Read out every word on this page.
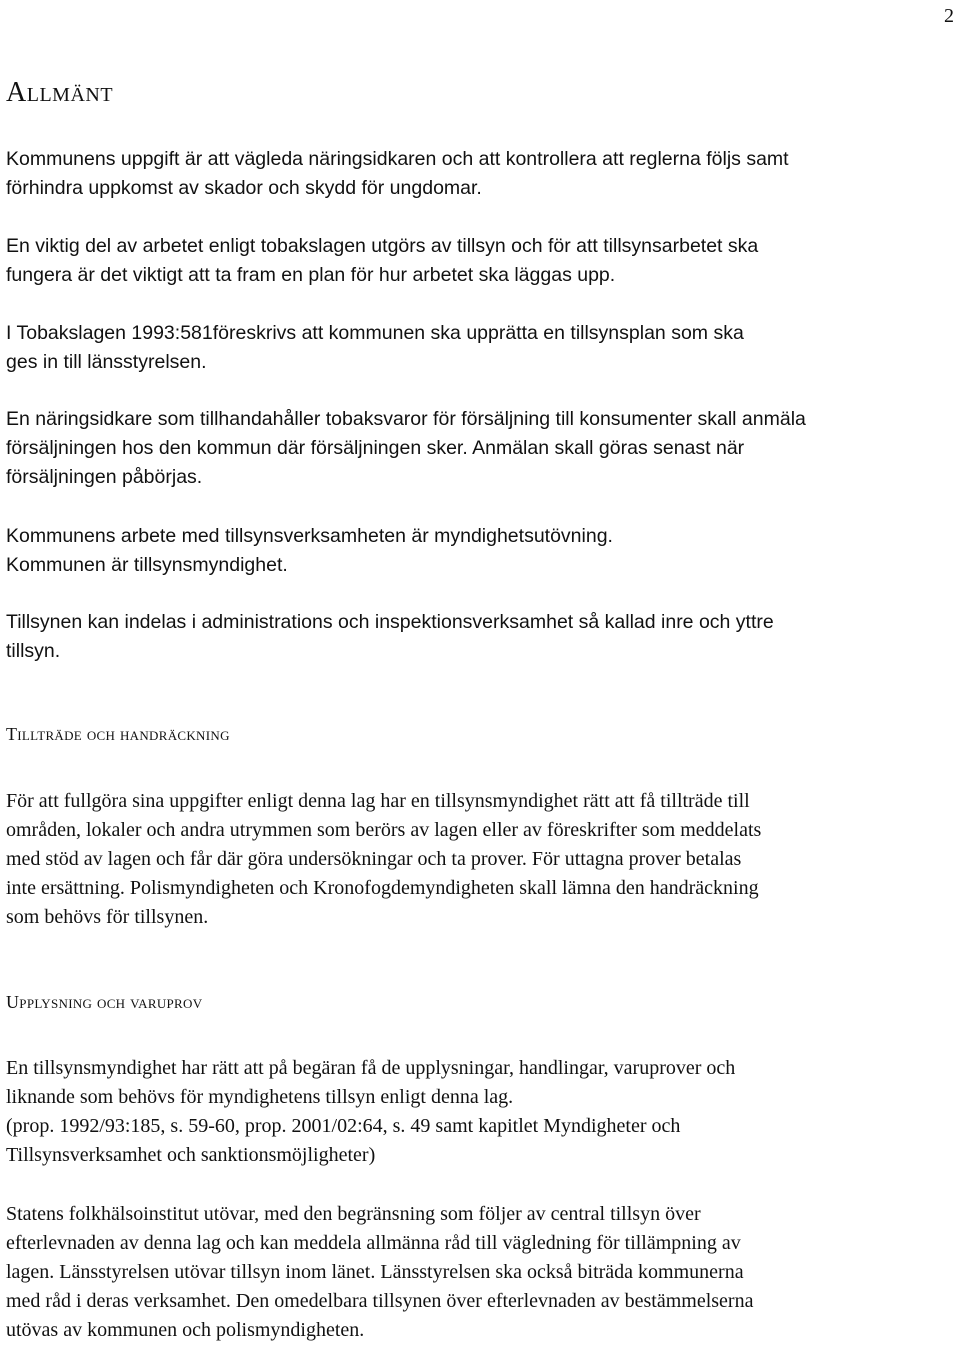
2
Allmänt

Kommunens uppgift är att vägleda näringsidkaren och att kontrollera att reglerna följs samt
förhindra uppkomst av skador och skydd för ungdomar.

En viktig del av arbetet enligt tobakslagen utgörs av tillsyn och för att tillsynsarbetet ska
fungera är det viktigt att ta fram en plan för hur arbetet ska läggas upp.

I Tobakslagen 1993:581föreskrivs att kommunen ska upprätta en tillsynsplan som ska
ges in till länsstyrelsen.

En näringsidkare som tillhandahåller tobaksvaror för försäljning till konsumenter skall anmäla
försäljningen hos den kommun där försäljningen sker. Anmälan skall göras senast när
försäljningen påbörjas.

Kommunens arbete med tillsynsverksamheten är myndighetsutövning.
Kommunen är tillsynsmyndighet.

Tillsynen kan indelas i administrations och inspektionsverksamhet så kallad inre och yttre
tillsyn.

Tillträde och handräckning

För att fullgöra sina uppgifter enligt denna lag har en tillsynsmyndighet rätt att få tillträde till
områden, lokaler och andra utrymmen som berörs av lagen eller av föreskrifter som meddelats
med stöd av lagen och får där göra undersökningar och ta prover. För uttagna prover betalas
inte ersättning. Polismyndigheten och Kronofogdemyndigheten skall lämna den handräckning
som behövs för tillsynen.

Upplysning och varuprov

En tillsynsmyndighet har rätt att på begäran få de upplysningar, handlingar, varuprover och
liknande som behövs för myndighetens tillsyn enligt denna lag.
(prop. 1992/93:185, s. 59-60, prop. 2001/02:64, s. 49 samt kapitlet Myndigheter och
Tillsynsverksamhet och sanktionsmöjligheter)

Statens folkhälsoinstitut utövar, med den begränsning som följer av central tillsyn över
efterlevnaden av denna lag och kan meddela allmänna råd till vägledning för tillämpning av
lagen. Länsstyrelsen utövar tillsyn inom länet. Länsstyrelsen ska också biträda kommunerna
med råd i deras verksamhet. Den omedelbara tillsynen över efterlevnaden av bestämmelserna
utövas av kommunen och polismyndigheten.
